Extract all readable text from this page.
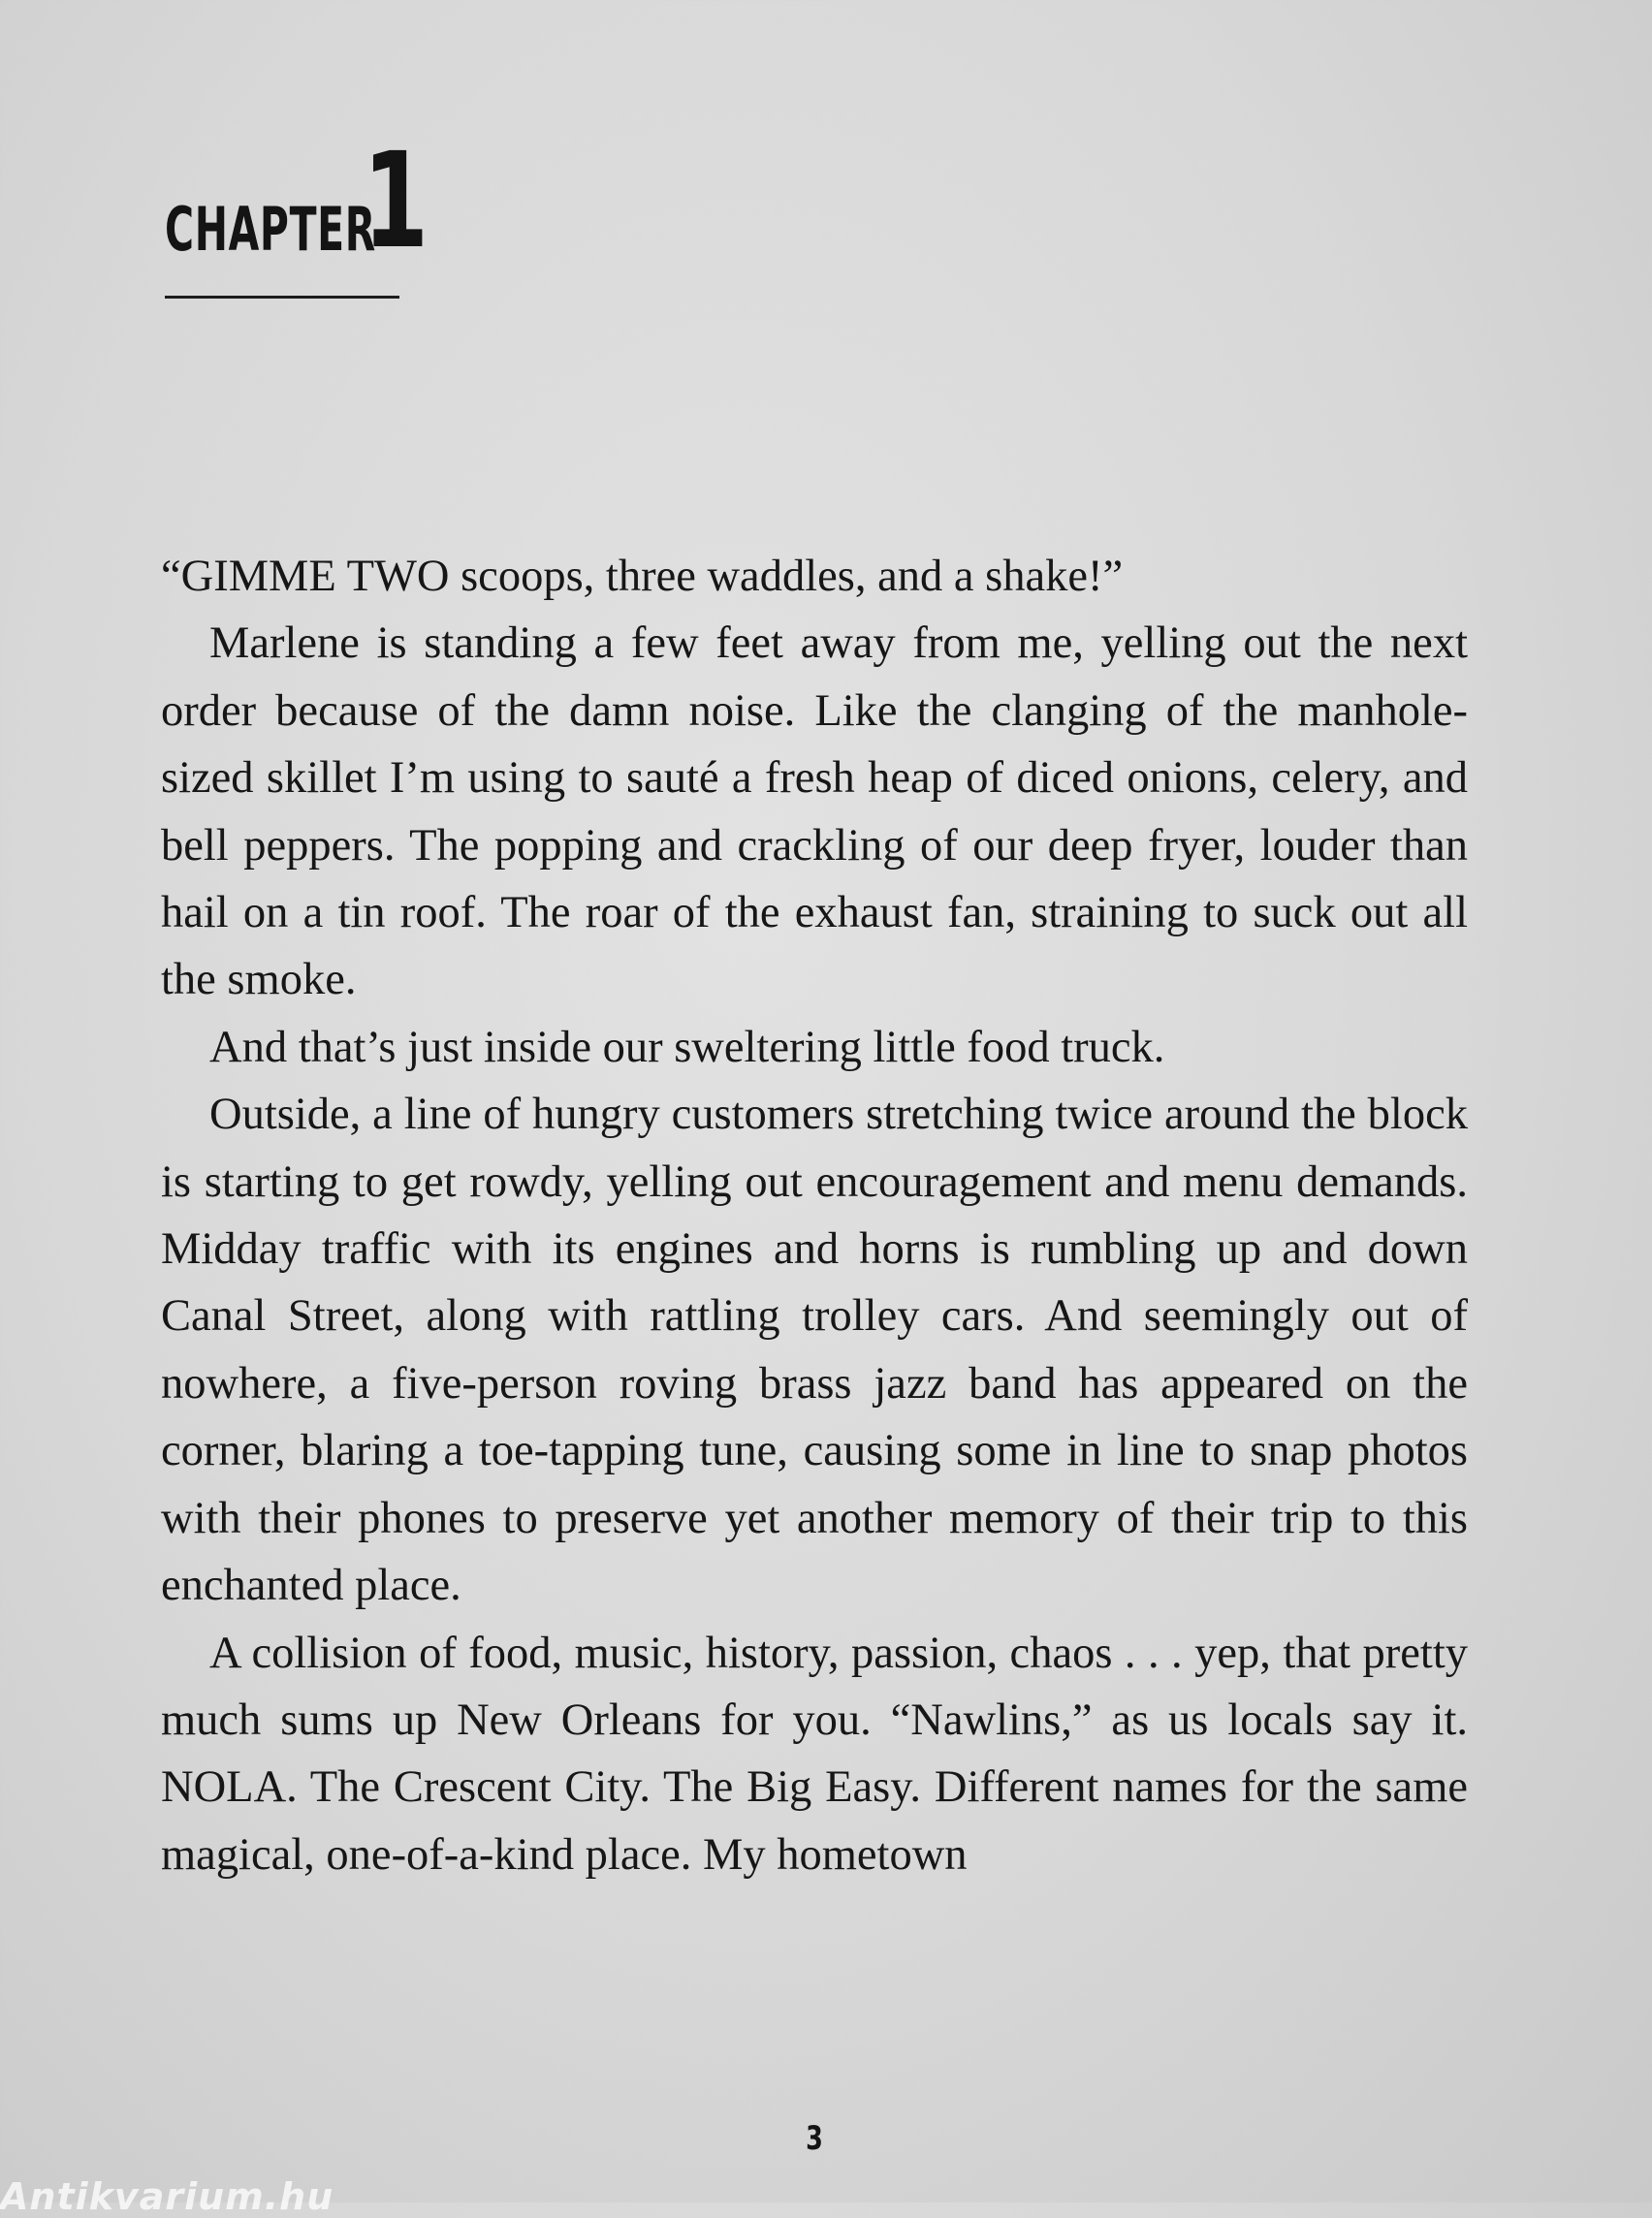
CHAPTER
1

“GIMME TWO scoops, three waddles, and a shake!”

Marlene is standing a few feet away from me, yelling out the next order because of the damn noise. Like the clanging of the manhole-sized skillet I’m using to sauté a fresh heap of diced onions, celery, and bell peppers. The popping and crackling of our deep fryer, louder than hail on a tin roof. The roar of the exhaust fan, straining to suck out all the smoke.

And that’s just inside our sweltering little food truck.

Outside, a line of hungry customers stretching twice around the block is starting to get rowdy, yelling out encouragement and menu demands. Midday traffic with its engines and horns is rumbling up and down Canal Street, along with rattling trolley cars. And seemingly out of nowhere, a five-person roving brass jazz band has appeared on the corner, blaring a toe-tapping tune, causing some in line to snap photos with their phones to preserve yet another memory of their trip to this enchanted place.

A collision of food, music, history, passion, chaos . . . yep, that pretty much sums up New Orleans for you. “Nawlins,” as us locals say it. NOLA. The Crescent City. The Big Easy. Different names for the same magical, one-of-a-kind place. My hometown

3
Antikvarium.hu
